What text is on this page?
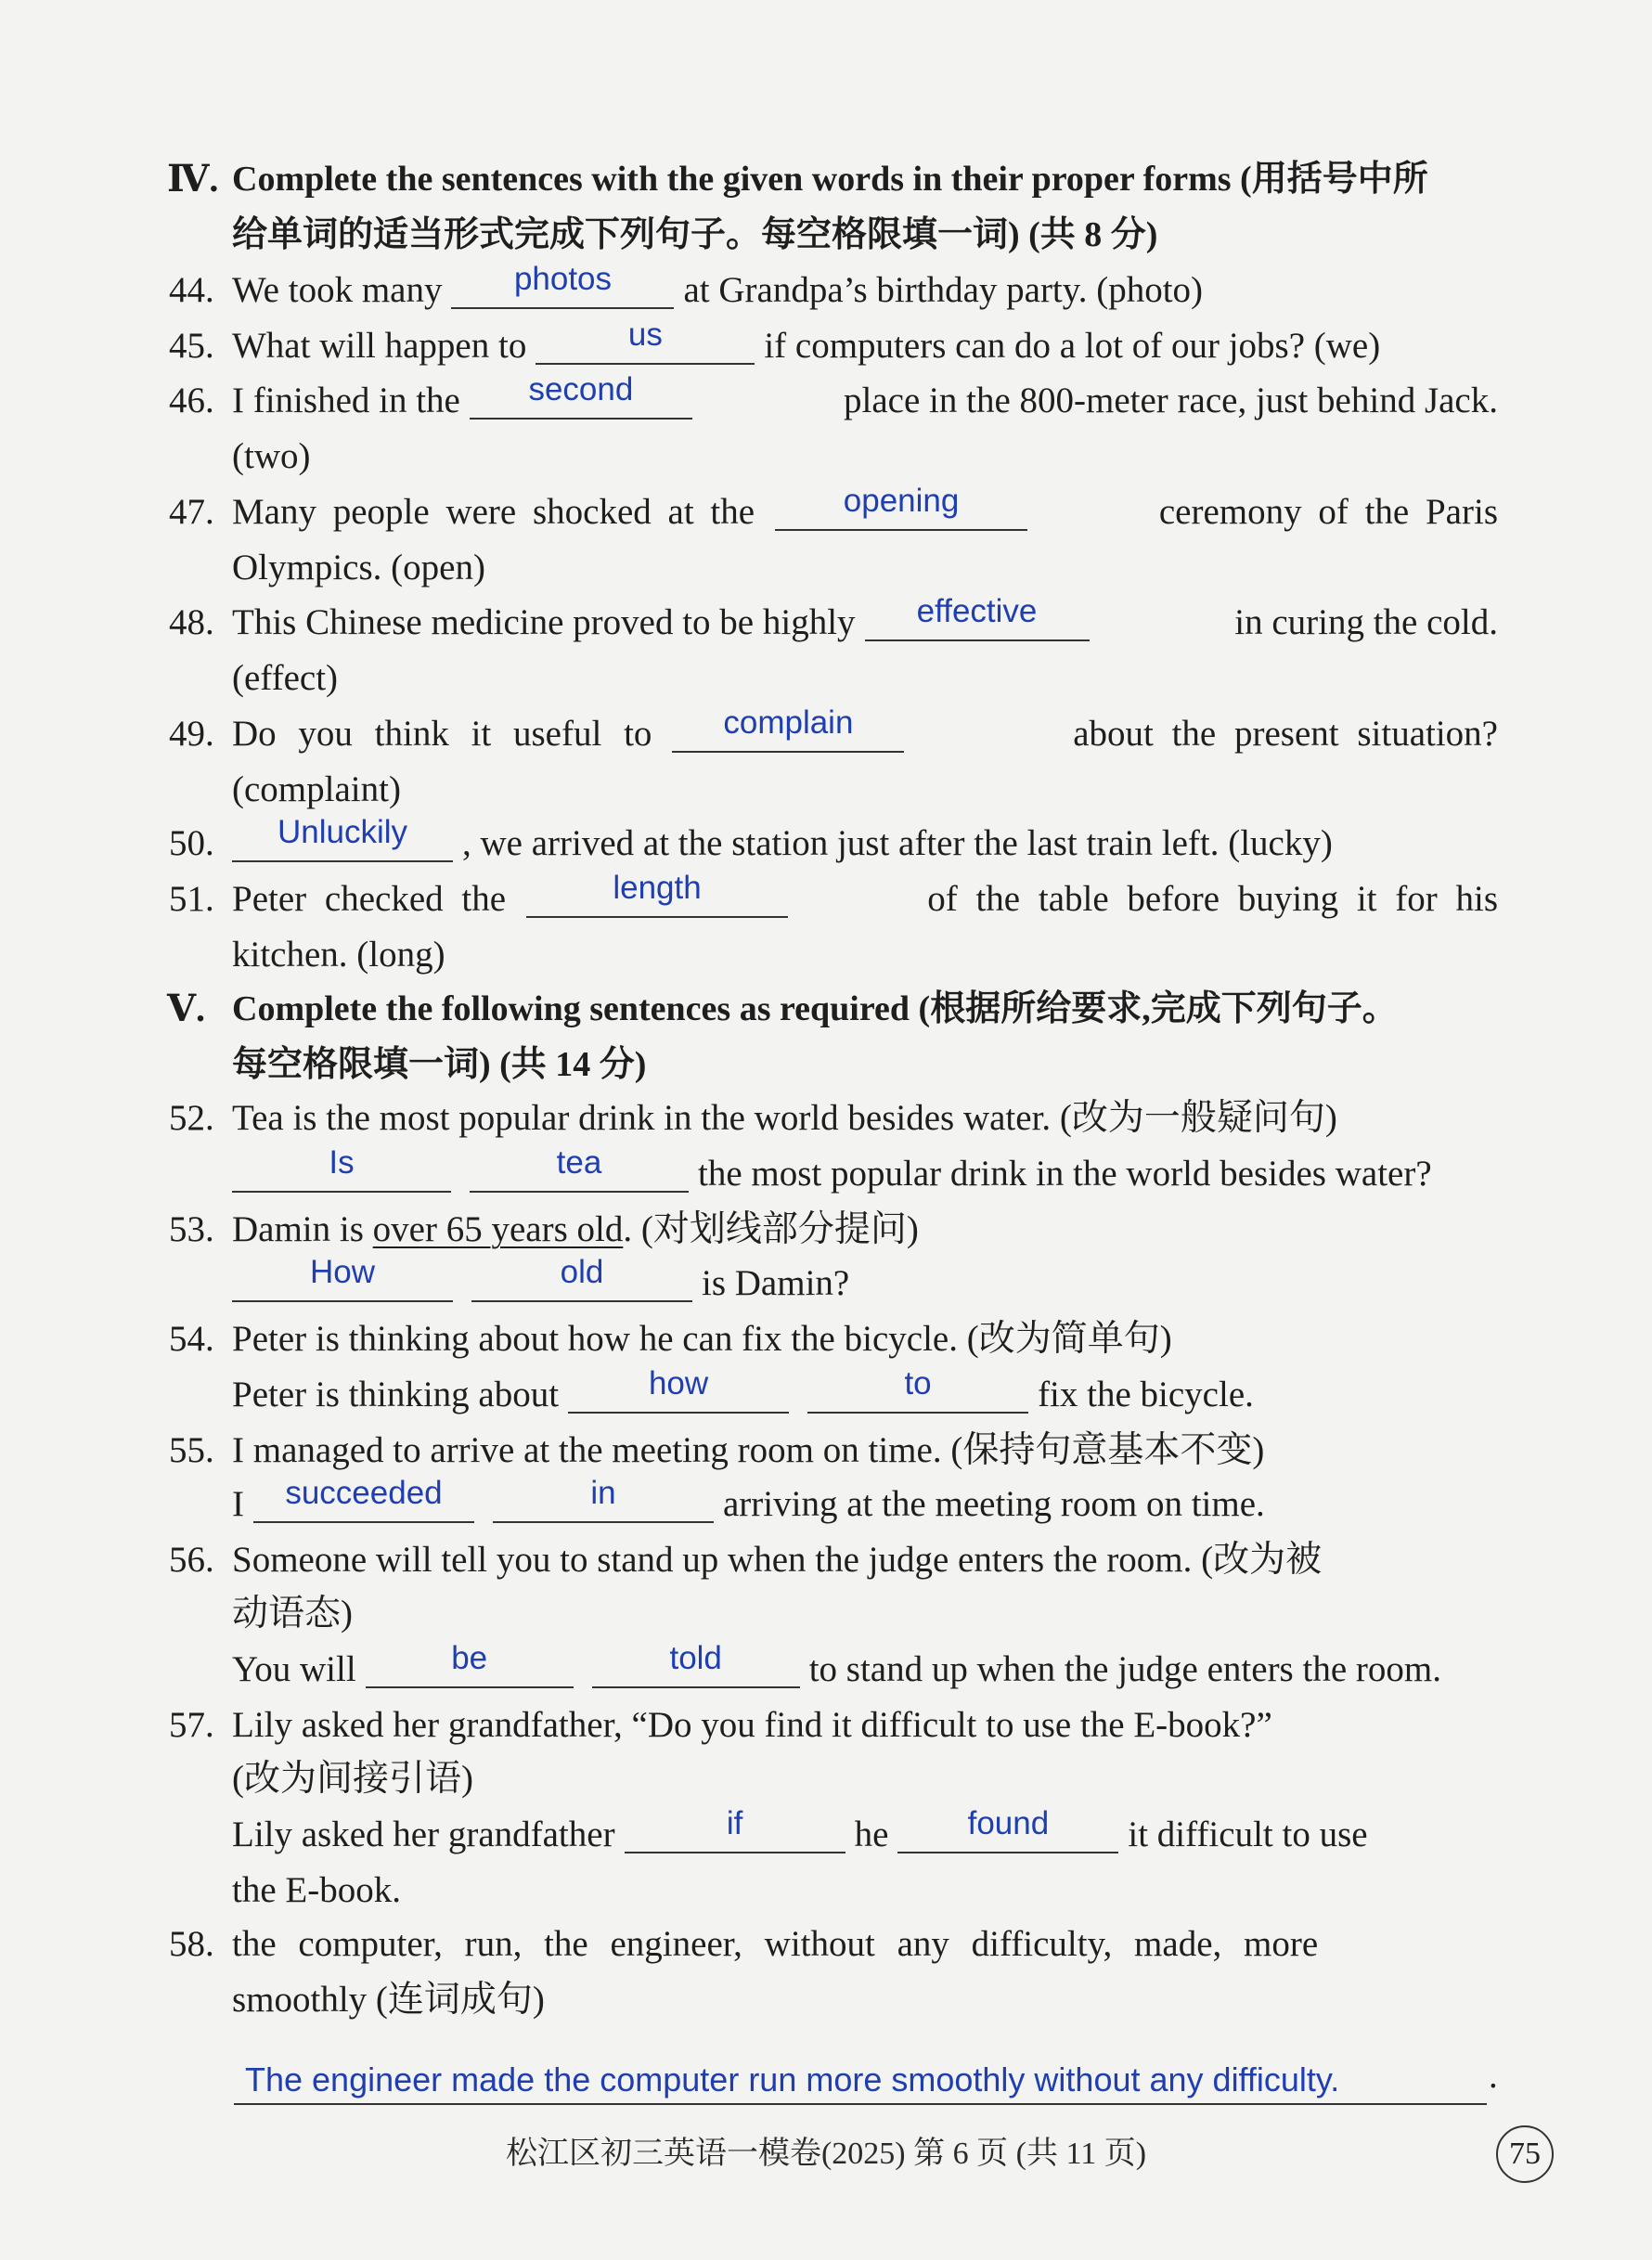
Ⅳ. Complete the sentences with the given words in their proper forms (用括号中所
给单词的适当形式完成下列句子。每空格限填一词) (共 8 分)
44. We took many	photos	at Grandpa’s birthday party. (photo)
45. What will happen to	us	if computers can do a lot of our jobs? (we)
46. I finished in the	second	place in the 800-meter race, just behind Jack.
(two)
47. Many people were shocked at the	opening	ceremony of the Paris
Olympics. (open)
48. This Chinese medicine proved to be highly	effective	in curing the cold.
(effect)
49. Do you think it useful to	complain	about the present situation?
(complaint)
50.	Unluckily	, we arrived at the station just after the last train left. (lucky)
51. Peter checked the	length	of the table before buying it for his
kitchen. (long)
Ⅴ. Complete the following sentences as required (根据所给要求,完成下列句子。
每空格限填一词) (共 14 分)
52. Tea is the most popular drink in the world besides water. (改为一般疑问句)
Is	tea	the most popular drink in the world besides water?
53. Damin is over 65 years old. (对划线部分提问)
How	old	is Damin?
54. Peter is thinking about how he can fix the bicycle. (改为简单句)
Peter is thinking about	how	to	fix the bicycle.
55. I managed to arrive at the meeting room on time. (保持句意基本不变)
I	succeeded	in	arriving at the meeting room on time.
56. Someone will tell you to stand up when the judge enters the room. (改为被
动语态)
You will	be	told	to stand up when the judge enters the room.
57. Lily asked her grandfather, “Do you find it difficult to use the E-book?”
(改为间接引语)
Lily asked her grandfather	if	he	found	it difficult to use
the E-book.
58. the computer, run, the engineer, without any difficulty, made, more
smoothly (连词成句)
The engineer made the computer run more smoothly without any difficulty.	.
松江区初三英语一模卷(2025) 第 6 页 (共 11 页)	75
